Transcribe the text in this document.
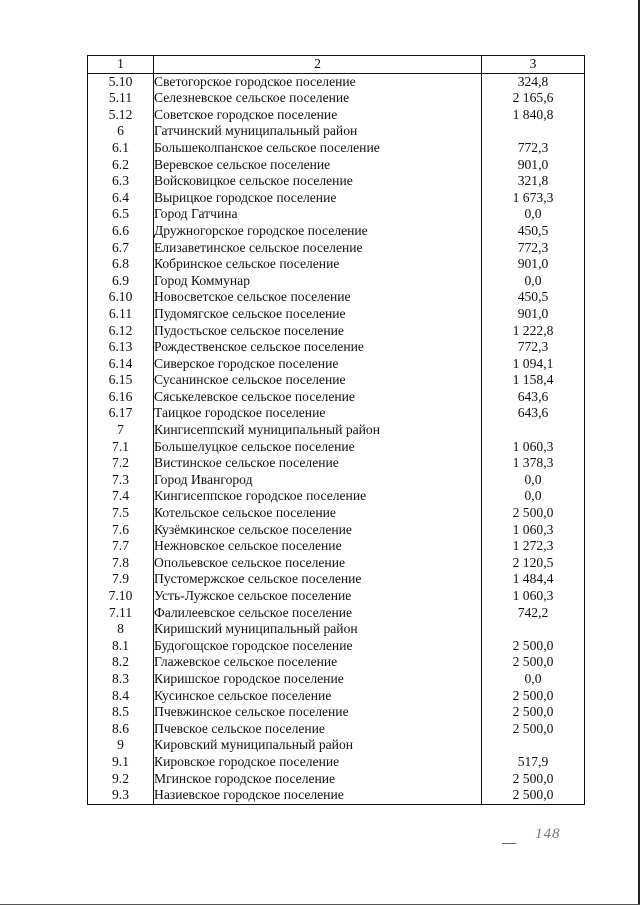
1	2	3
5.10	Светогорское городское поселение	324,8
5.11	Селезневское сельское поселение	2 165,6
5.12	Советское городское поселение	1 840,8
6	Гатчинский муниципальный район	
6.1	Большеколпанское сельское поселение	772,3
6.2	Веревское сельское поселение	901,0
6.3	Войсковицкое сельское поселение	321,8
6.4	Вырицкое городское поселение	1 673,3
6.5	Город Гатчина	0,0
6.6	Дружногорское городское поселение	450,5
6.7	Елизаветинское сельское поселение	772,3
6.8	Кобринское сельское поселение	901,0
6.9	Город Коммунар	0,0
6.10	Новосветское сельское поселение	450,5
6.11	Пудомягское сельское поселение	901,0
6.12	Пудостьское сельское поселение	1 222,8
6.13	Рождественское сельское поселение	772,3
6.14	Сиверское городское поселение	1 094,1
6.15	Сусанинское сельское поселение	1 158,4
6.16	Сяськелевское сельское поселение	643,6
6.17	Таицкое городское поселение	643,6
7	Кингисеппский муниципальный район	
7.1	Большелуцкое сельское поселение	1 060,3
7.2	Вистинское сельское поселение	1 378,3
7.3	Город Ивангород	0,0
7.4	Кингисеппское городское поселение	0,0
7.5	Котельское сельское поселение	2 500,0
7.6	Кузёмкинское сельское поселение	1 060,3
7.7	Нежновское сельское поселение	1 272,3
7.8	Опольевское сельское поселение	2 120,5
7.9	Пустомержское сельское поселение	1 484,4
7.10	Усть-Лужское сельское поселение	1 060,3
7.11	Фалилеевское сельское поселение	742,2
8	Киришский муниципальный район	
8.1	Будогощское городское поселение	2 500,0
8.2	Глажевское сельское поселение	2 500,0
8.3	Киришское городское поселение	0,0
8.4	Кусинское сельское поселение	2 500,0
8.5	Пчевжинское сельское поселение	2 500,0
8.6	Пчевское сельское поселение	2 500,0
9	Кировский муниципальный район	
9.1	Кировское городское поселение	517,9
9.2	Мгинское городское поселение	2 500,0
9.3	Назиевское городское поселение	2 500,0
148
